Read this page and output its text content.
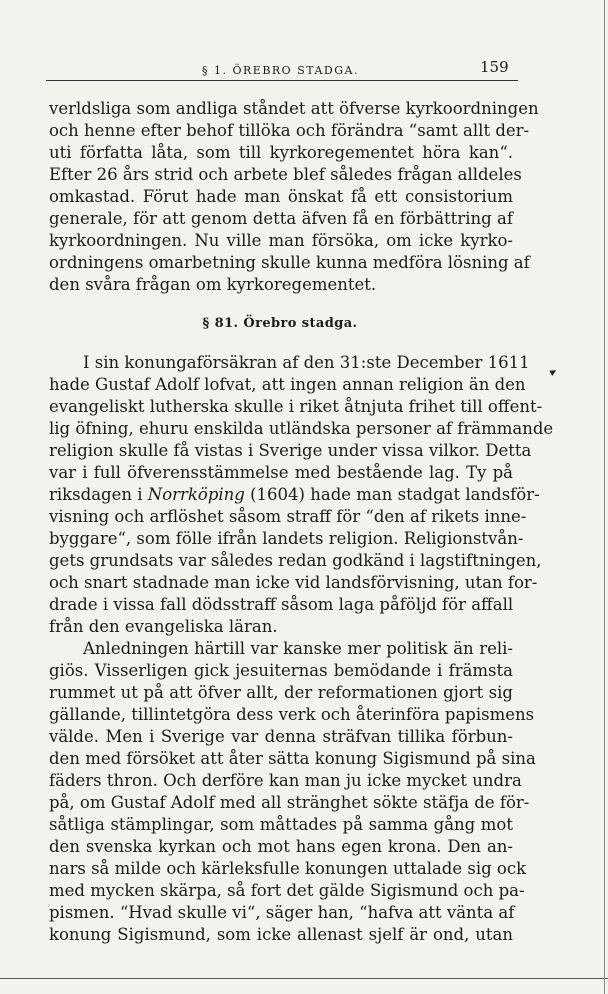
§ 1. ÖREBRO STADGA.	159
verldsliga som andliga ståndet att öfverse kyrkoordningen
och henne efter behof tillöka och förändra “samt allt der-
uti författa låta, som till kyrkoregementet höra kan“.
Efter 26 års strid och arbete blef således frågan alldeles
omkastad. Förut hade man önskat få ett consistorium
generale, för att genom detta äfven få en förbättring af
kyrkoordningen. Nu ville man försöka, om icke kyrko-
ordningens omarbetning skulle kunna medföra lösning af
den svåra frågan om kyrkoregementet.
§ 81. Örebro stadga.
I sin konungaförsäkran af den 31:ste December 1611
hade Gustaf Adolf lofvat, att ingen annan religion än den
evangeliskt lutherska skulle i riket åtnjuta frihet till offent-
lig öfning, ehuru enskilda utländska personer af främmande
religion skulle få vistas i Sverige under vissa vilkor. Detta
var i full öfverensstämmelse med bestående lag. Ty på
riksdagen i Norrköping (1604) hade man stadgat landsför-
visning och arflöshet såsom straff för “den af rikets inne-
byggare“, som fölle ifrån landets religion. Religionstvån-
gets grundsats var således redan godkänd i lagstiftningen,
och snart stadnade man icke vid landsförvisning, utan for-
drade i vissa fall dödsstraff såsom laga påföljd för affall
från den evangeliska läran.
Anledningen härtill var kanske mer politisk än reli-
giös. Visserligen gick jesuiternas bemödande i främsta
rummet ut på att öfver allt, der reformationen gjort sig
gällande, tillintetgöra dess verk och återinföra papismens
välde. Men i Sverige var denna sträfvan tillika förbun-
den med försöket att åter sätta konung Sigismund på sina
fäders thron. Och derföre kan man ju icke mycket undra
på, om Gustaf Adolf med all stränghet sökte stäfja de för-
såtliga stämplingar, som måttades på samma gång mot
den svenska kyrkan och mot hans egen krona. Den an-
nars så milde och kärleksfulle konungen uttalade sig ock
med mycken skärpa, så fort det gälde Sigismund och pa-
pismen. “Hvad skulle vi“, säger han, “hafva att vänta af
konung Sigismund, som icke allenast sjelf är ond, utan
▸
